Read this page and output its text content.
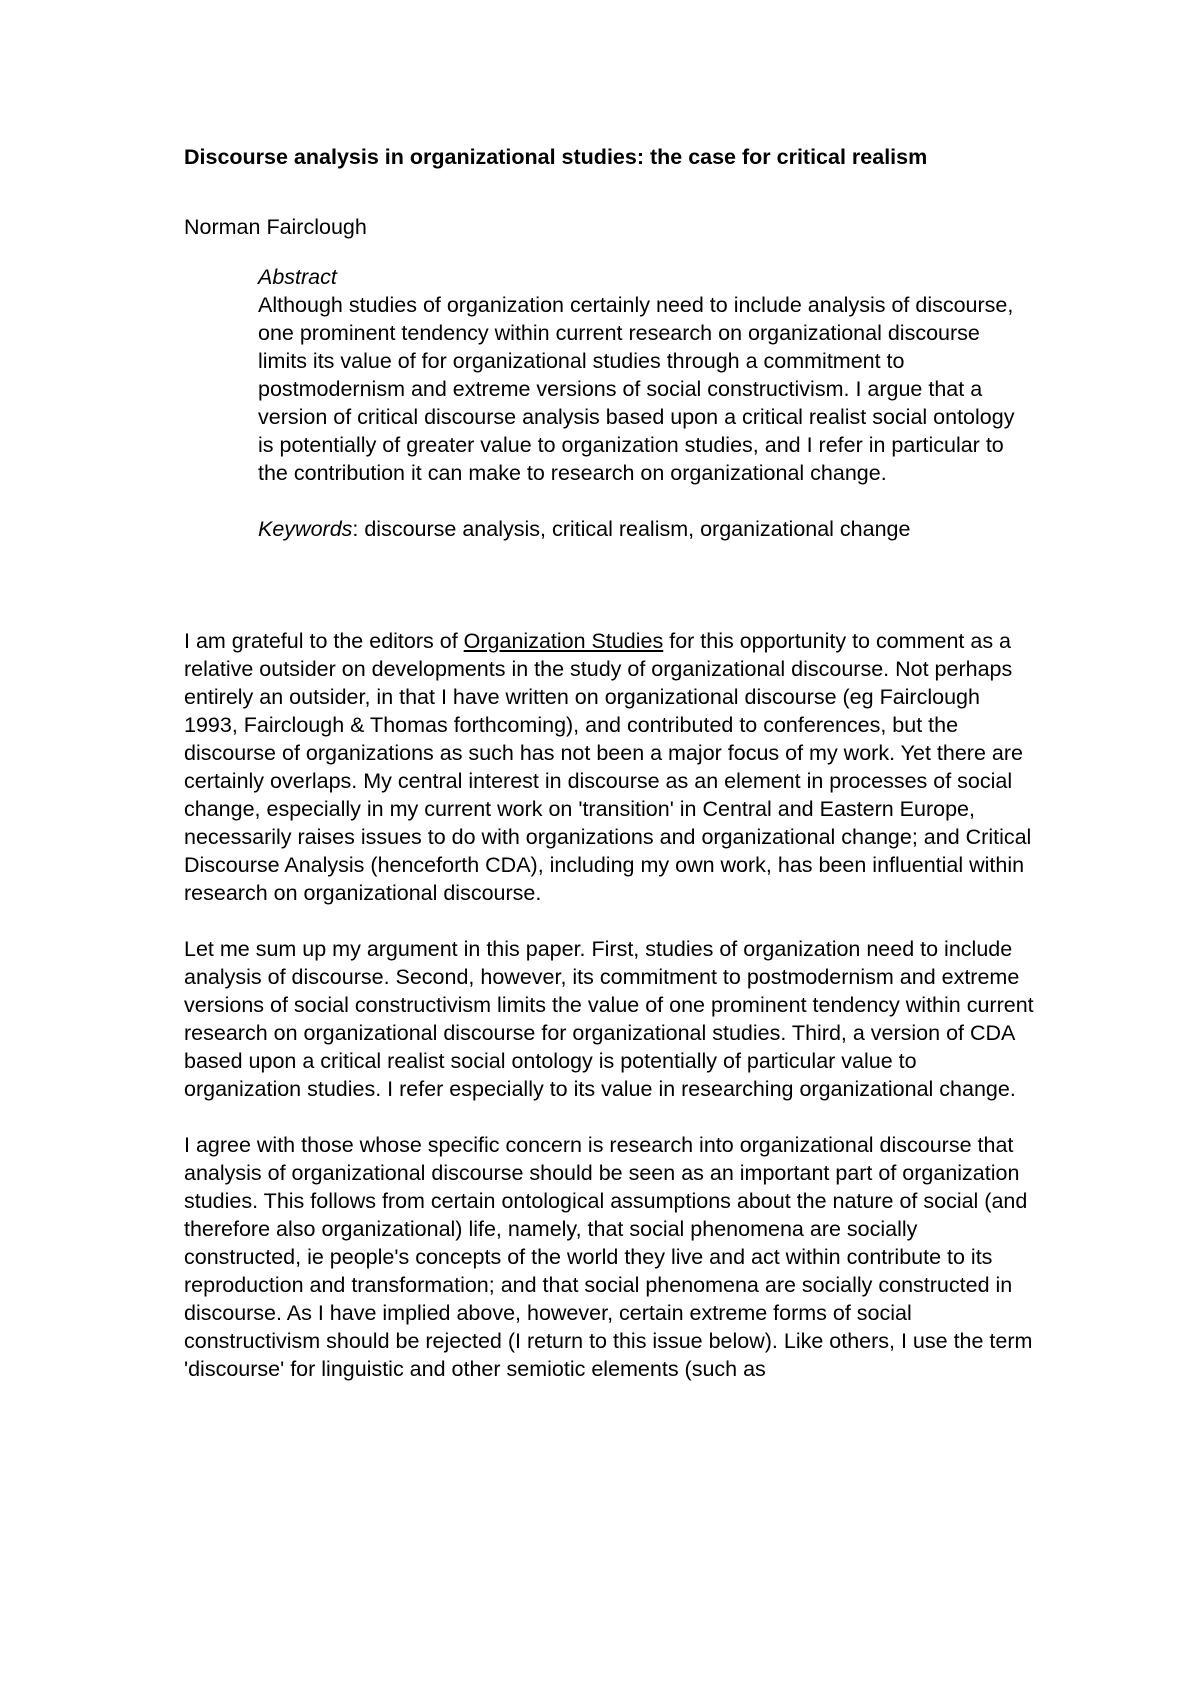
Discourse analysis in organizational studies: the case for critical realism
Norman Fairclough
Abstract

Although studies of organization certainly need to include analysis of discourse, one prominent tendency within current research on organizational discourse limits its value of for organizational studies through a commitment to postmodernism and extreme versions of social constructivism. I argue that a version of critical discourse analysis based upon a critical realist social ontology is potentially of greater value to organization studies, and I refer in particular to the contribution it can make to research on organizational change.

Keywords: discourse analysis, critical realism, organizational change

I am grateful to the editors of Organization Studies for this opportunity to comment as a relative outsider on developments in the study of organizational discourse. Not perhaps entirely an outsider, in that I have written on organizational discourse (eg Fairclough 1993, Fairclough & Thomas forthcoming), and contributed to conferences, but the discourse of organizations as such has not been a major focus of my work. Yet there are certainly overlaps. My central interest in discourse as an element in processes of social change, especially in my current work on 'transition' in Central and Eastern Europe, necessarily raises issues to do with organizations and organizational change; and Critical Discourse Analysis (henceforth CDA), including my own work, has been influential within research on organizational discourse.

Let me sum up my argument in this paper. First, studies of organization need to include analysis of discourse. Second, however, its commitment to postmodernism and extreme versions of social constructivism limits the value of one prominent tendency within current research on organizational discourse for organizational studies. Third, a version of CDA based upon a critical realist social ontology is potentially of particular value to organization studies. I refer especially to its value in researching organizational change.

I agree with those whose specific concern is research into organizational discourse that analysis of organizational discourse should be seen as an important part of organization studies. This follows from certain ontological assumptions about the nature of social (and therefore also organizational) life, namely, that social phenomena are socially constructed, ie people's concepts of the world they live and act within contribute to its reproduction and transformation; and that social phenomena are socially constructed in discourse. As I have implied above, however, certain extreme forms of social constructivism should be rejected (I return to this issue below). Like others, I use the term 'discourse' for linguistic and other semiotic elements (such as
